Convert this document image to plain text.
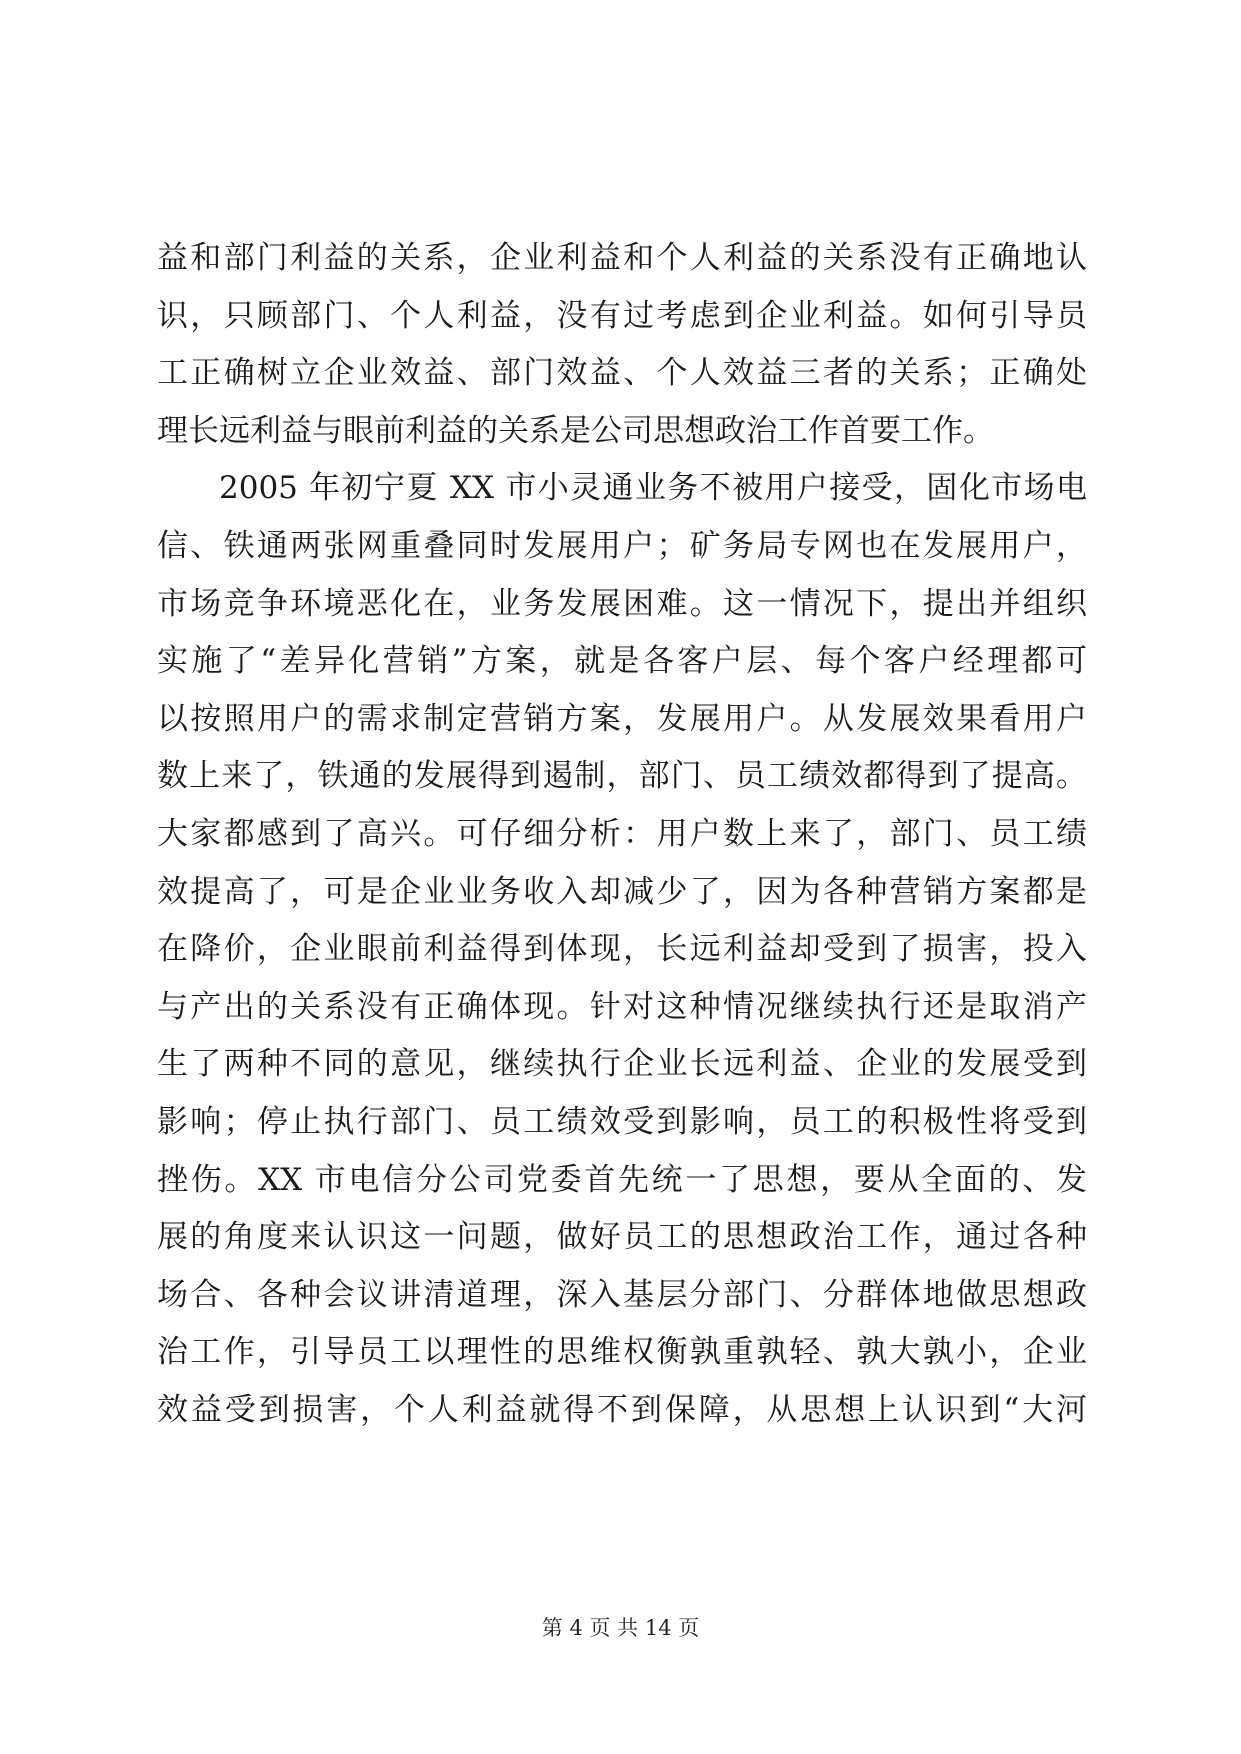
益和部门利益的关系，企业利益和个人利益的关系没有正确地认
识，只顾部门、个人利益，没有过考虑到企业利益。如何引导员
工正确树立企业效益、部门效益、个人效益三者的关系；正确处
理长远利益与眼前利益的关系是公司思想政治工作首要工作。
2005 年初宁夏 XX 市小灵通业务不被用户接受，固化市场电
信、铁通两张网重叠同时发展用户；矿务局专网也在发展用户，
市场竞争环境恶化在，业务发展困难。这一情况下，提出并组织
实施了“差异化营销”方案，就是各客户层、每个客户经理都可
以按照用户的需求制定营销方案，发展用户。从发展效果看用户
数上来了，铁通的发展得到遏制，部门、员工绩效都得到了提高。
大家都感到了高兴。可仔细分析：用户数上来了，部门、员工绩
效提高了，可是企业业务收入却减少了，因为各种营销方案都是
在降价，企业眼前利益得到体现，长远利益却受到了损害，投入
与产出的关系没有正确体现。针对这种情况继续执行还是取消产
生了两种不同的意见，继续执行企业长远利益、企业的发展受到
影响；停止执行部门、员工绩效受到影响，员工的积极性将受到
挫伤。XX 市电信分公司党委首先统一了思想，要从全面的、发
展的角度来认识这一问题，做好员工的思想政治工作，通过各种
场合、各种会议讲清道理，深入基层分部门、分群体地做思想政
治工作，引导员工以理性的思维权衡孰重孰轻、孰大孰小，企业
效益受到损害，个人利益就得不到保障，从思想上认识到“大河
第 4 页 共 14 页
